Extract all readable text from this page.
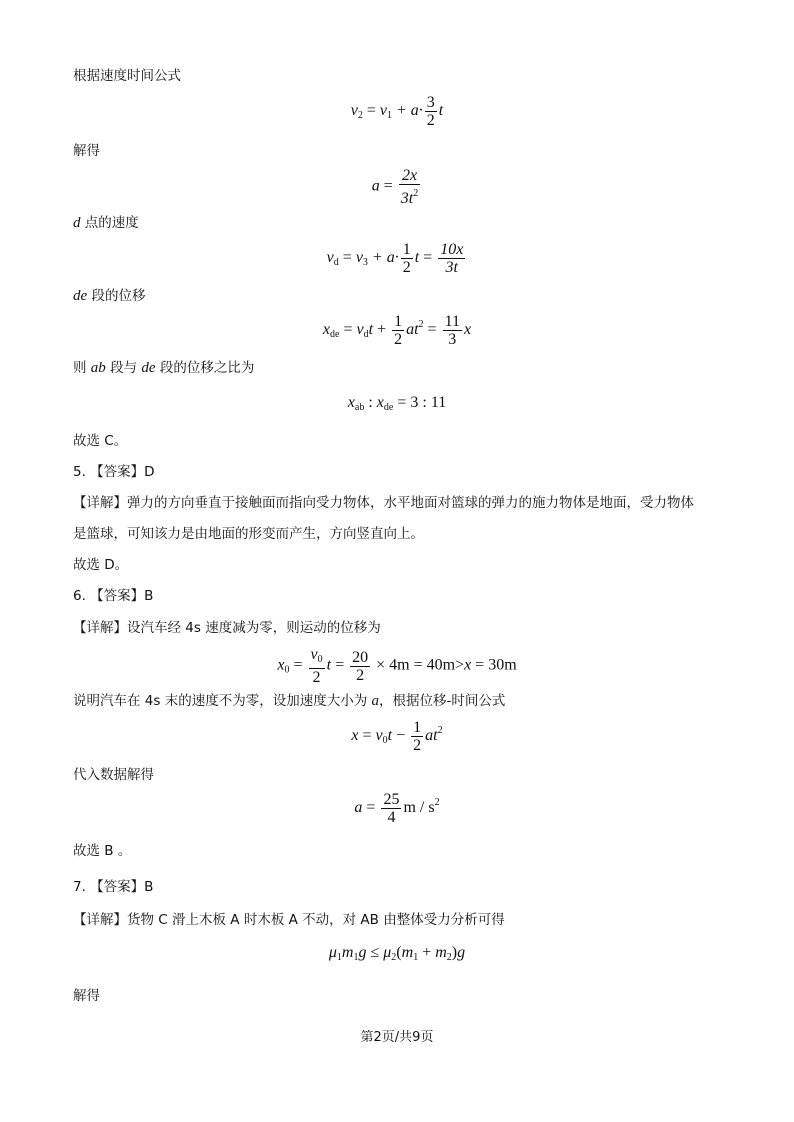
根据速度时间公式
$v_2 = v_1 + a\cdot \frac{3}{2}$ t
解得
$a = \frac{2x}{3t^2}$
d 点的速度
$v_d = v_3 + a\cdot \frac{1}{2}$ $t = \frac{10x}{3t}$
de 段的位移
$x_{de} = v_dt + \frac{1}{2} at^2 = \frac{11}{3}$ x
则 ab 段与 de 段的位移之比为
$x_{ab}$ : $x_{de} = 3$ : 11
故选 C。
5. 【答案】D
【详解】弹力的方向垂直于接触面而指向受力物体，水平地面对篮球的弹力的施力物体是地面，受力物体
是篮球，可知该力是由地面的形变而产生，方向竖直向上。
故选 D。
6. 【答案】B
【详解】设汽车经 4s 速度减为零，则运动的位移为
$x_0 = \frac{v_0}{2}$ $t = \frac{20}{2} \times 4m = 40m>x = 30m$
说明汽车在 4s 末的速度不为零，设加速度大小为 a，根据位移-时间公式
$x = v_0t - \frac{1}{2} at^2$
代入数据解得
$a = \frac{25}{4}$ m / $s^2$
故选 B 。
7. 【答案】B
【详解】货物 C 滑上木板 A 时木板 A 不动，对 AB 由整体受力分析可得
$\mu_1m_1g \le \mu_2(m_1 + m_2)g$
解得
第2页/共9页
